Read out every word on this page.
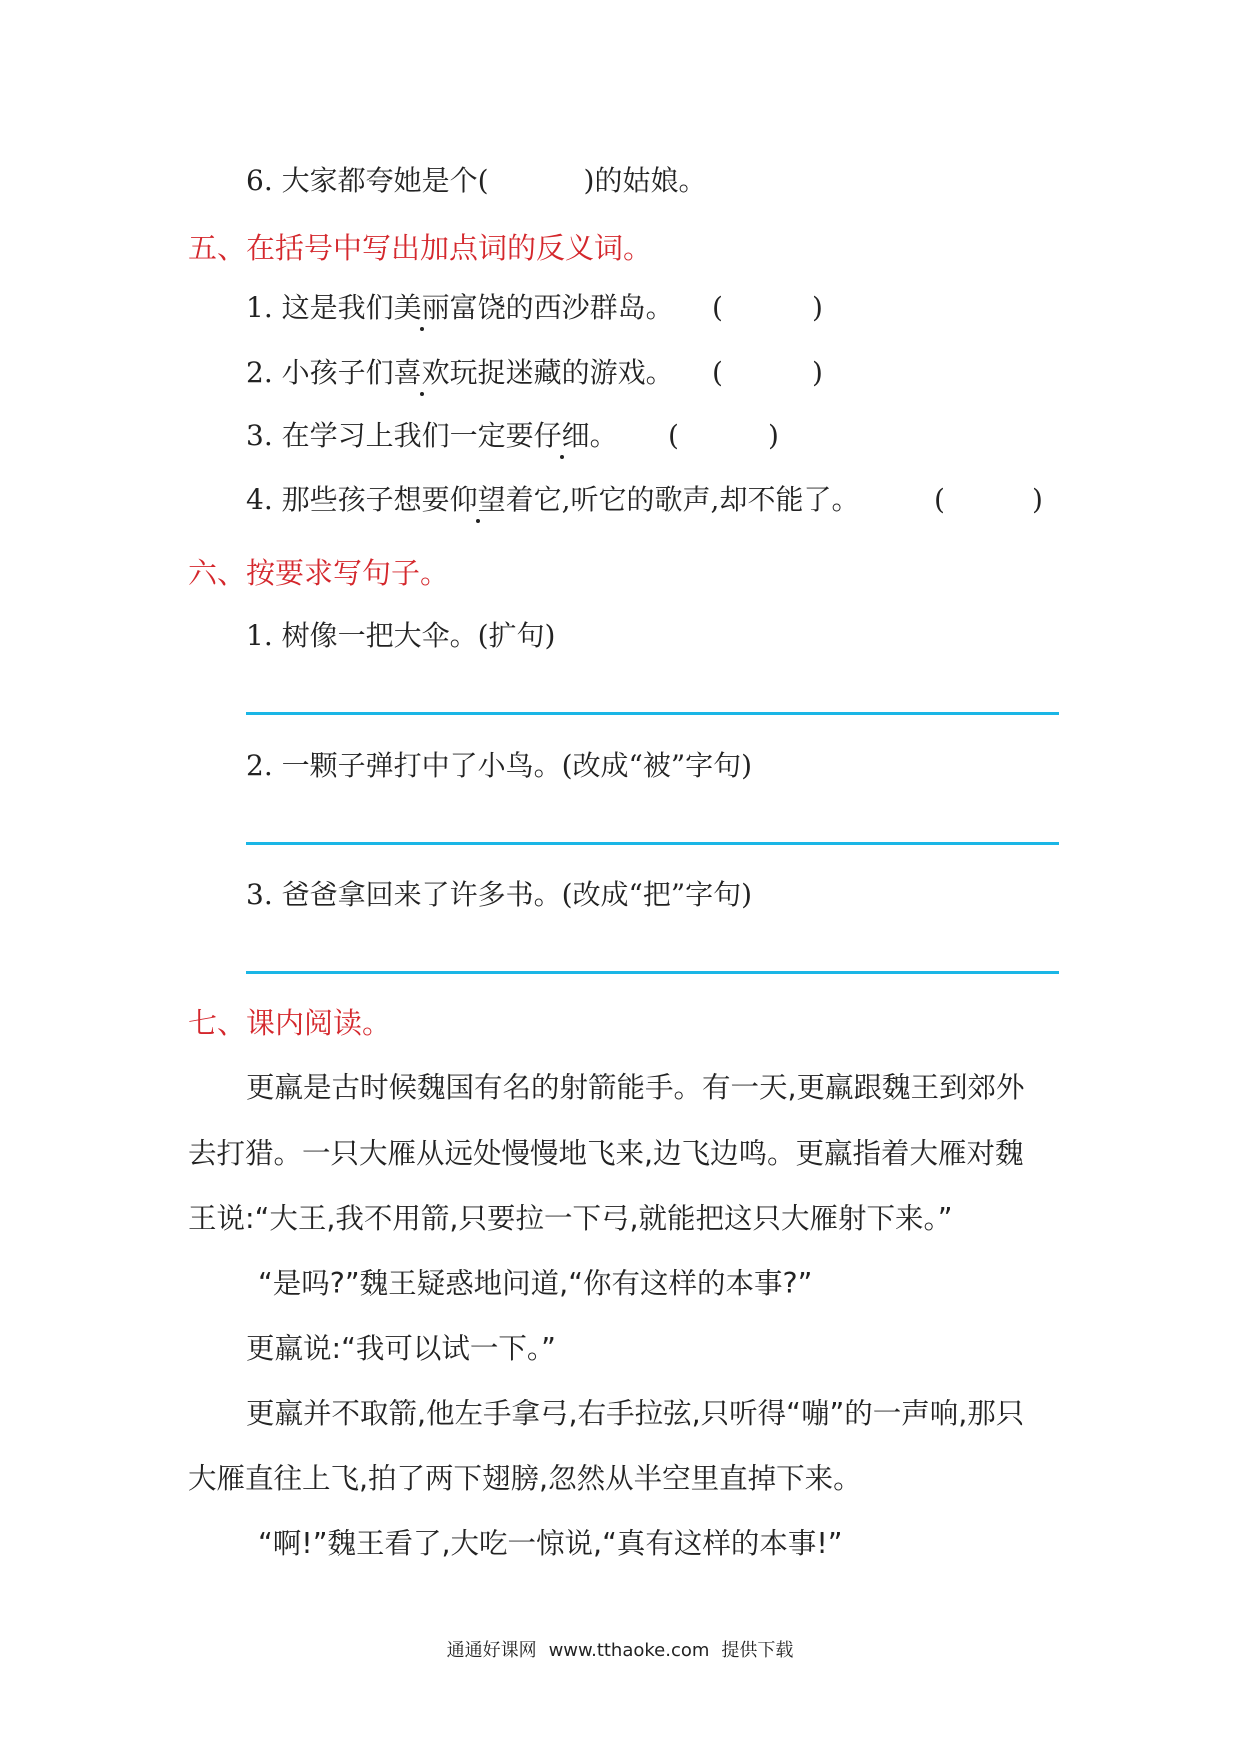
6. 大家都夸她是个(	)的姑娘。
五、在括号中写出加点词的反义词。
1. 这是我们美丽富饶的西沙群岛。 (	)
2. 小孩子们喜欢玩捉迷藏的游戏。 (	)
3. 在学习上我们一定要仔细。 (	)
4. 那些孩子想要仰望着它,听它的歌声,却不能了。	(	)
六、按要求写句子。
1. 树像一把大伞。(扩句)
2. 一颗子弹打中了小鸟。(改成“被”字句)
3. 爸爸拿回来了许多书。(改成“把”字句)
七、课内阅读。
更羸是古时候魏国有名的射箭能手。有一天,更羸跟魏王到郊外
去打猎。一只大雁从远处慢慢地飞来,边飞边鸣。更羸指着大雁对魏
王说:“大王,我不用箭,只要拉一下弓,就能把这只大雁射下来。”
“是吗?”魏王疑惑地问道,“你有这样的本事?”
更羸说:“我可以试一下。”
更羸并不取箭,他左手拿弓,右手拉弦,只听得“嘣”的一声响,那只
大雁直往上飞,拍了两下翅膀,忽然从半空里直掉下来。
“啊!”魏王看了,大吃一惊说,“真有这样的本事!”
通通好课网 www.tthaoke.com 提供下载
